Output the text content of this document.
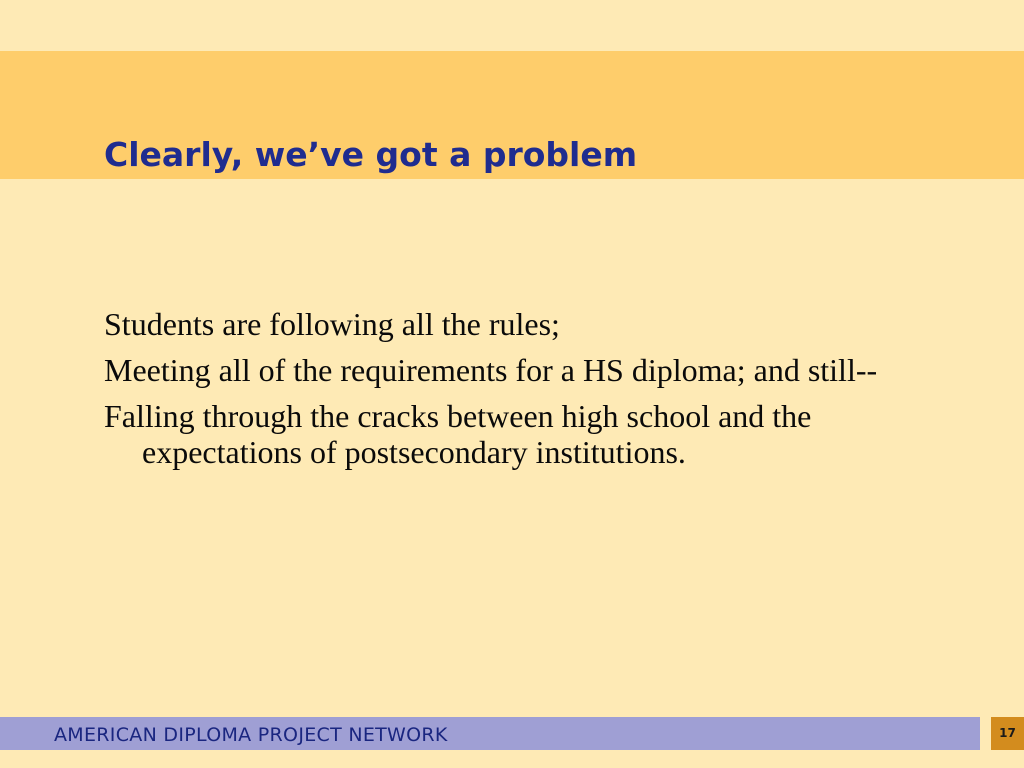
Clearly, we’ve got a problem
Students are following all the rules;
Meeting all of the requirements for a HS diploma; and still--
Falling through the cracks between high school and the expectations of postsecondary institutions.
AMERICAN DIPLOMA PROJECT NETWORK	17
